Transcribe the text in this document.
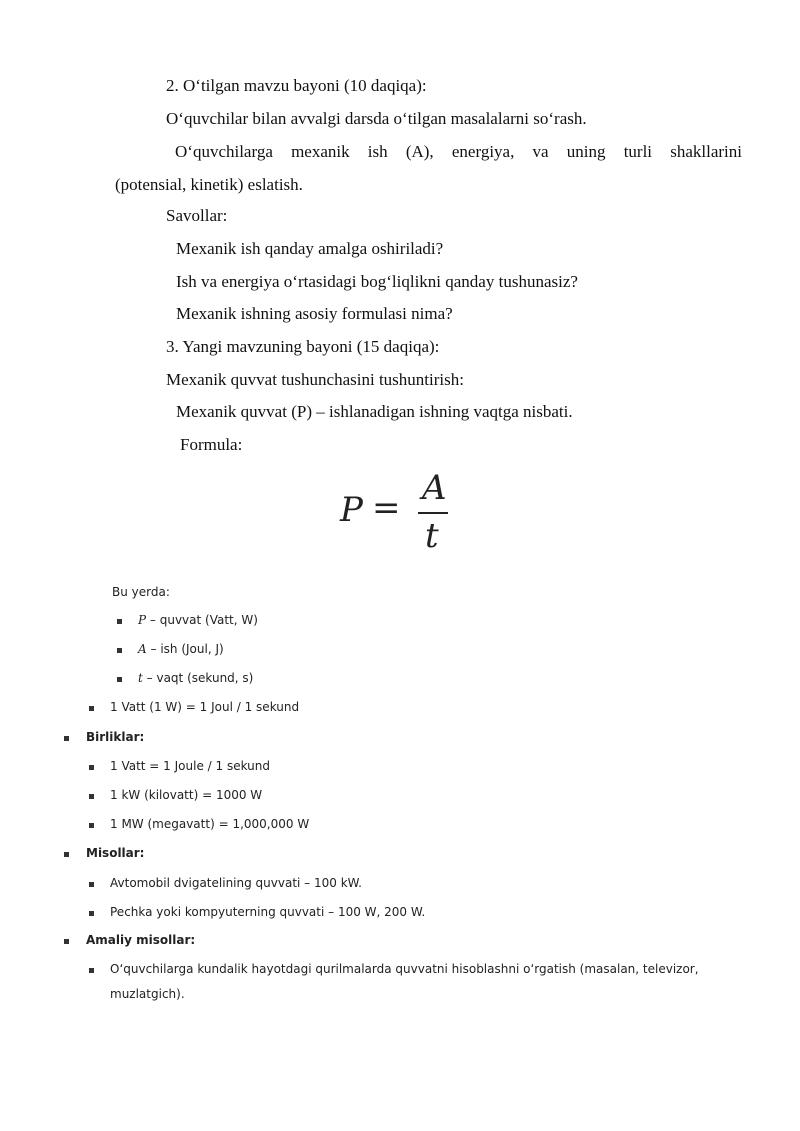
2. O‘tilgan mavzu bayoni (10 daqiqa):
O‘quvchilar bilan avvalgi darsda o‘tilgan masalalarni so‘rash.
O‘quvchilarga mexanik ish (A), energiya, va uning turli shakllarini
(potensial, kinetik) eslatish.
Savollar:
Mexanik ish qanday amalga oshiriladi?
Ish va energiya o‘rtasidagi bog‘liqlikni qanday tushunasiz?
Mexanik ishning asosiy formulasi nima?
3. Yangi mavzuning bayoni (15 daqiqa):
Mexanik quvvat tushunchasini tushuntirish:
Mexanik quvvat (P) – ishlanadigan ishning vaqtga nisbati.
Formula:
P = A
t
Bu yerda:
P – quvvat (Vatt, W)
A – ish (Joul, J)
t – vaqt (sekund, s)
1 Vatt (1 W) = 1 Joul / 1 sekund
Birliklar:
1 Vatt = 1 Joule / 1 sekund
1 kW (kilovatt) = 1000 W
1 MW (megavatt) = 1,000,000 W
Misollar:
Avtomobil dvigatelining quvvati – 100 kW.
Pechka yoki kompyuterning quvvati – 100 W, 200 W.
Amaliy misollar:
O‘quvchilarga kundalik hayotdagi qurilmalarda quvvatni hisoblashni o‘rgatish (masalan, televizor,
muzlatgich).
